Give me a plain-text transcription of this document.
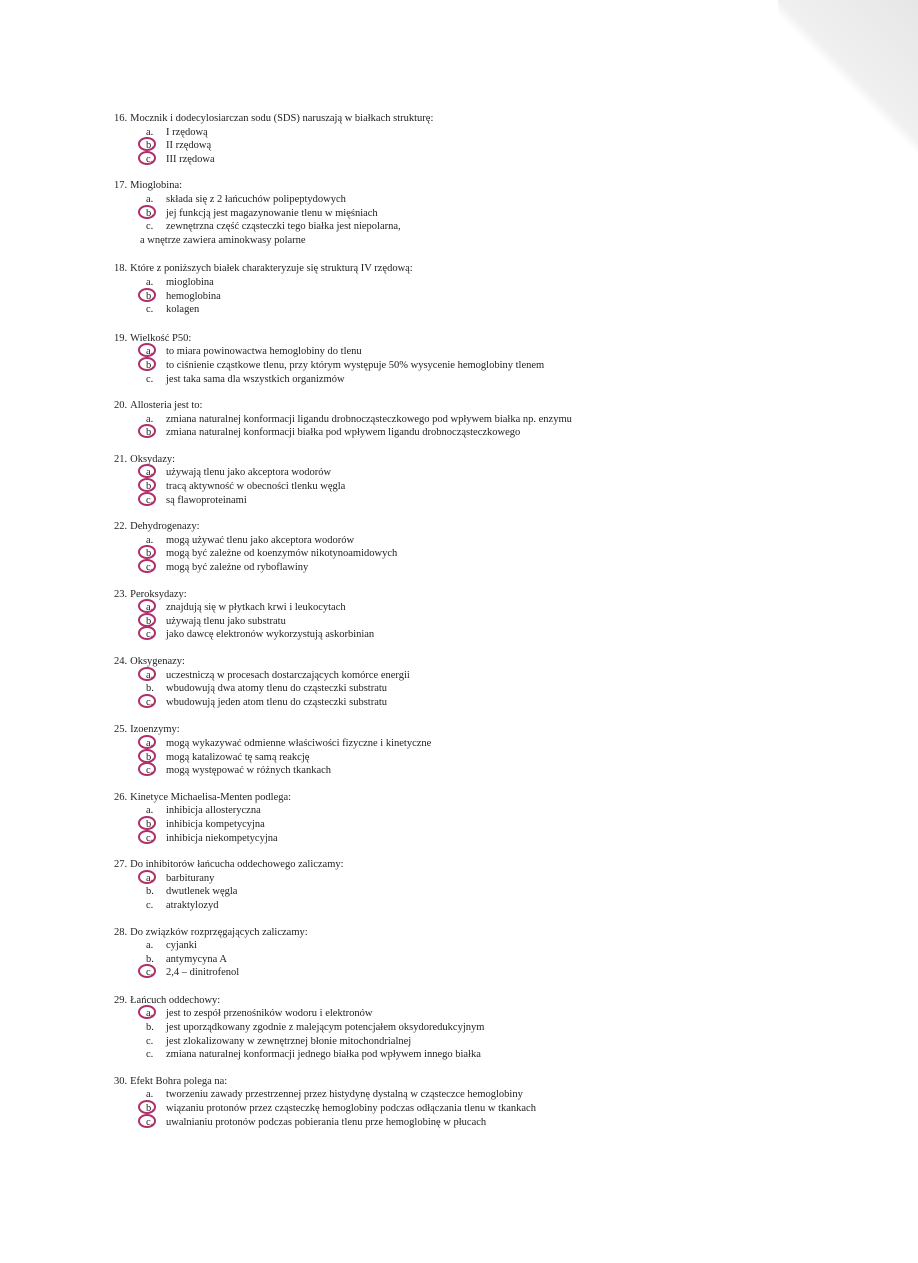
16. Mocznik i dodecylosiarczan sodu (SDS) naruszają w białkach strukturę:
a. I rzędową
b. II rzędową
c. III rzędowa
17. Mioglobina:
a. składa się z 2 łańcuchów polipeptydowych
b. jej funkcją jest magazynowanie tlenu w mięśniach
c. zewnętrzna część cząsteczki tego białka jest niepolarna,
a wnętrze zawiera aminokwasy polarne
18. Które z poniższych białek charakteryzuje się strukturą IV rzędową:
a. mioglobina
b. hemoglobina
c. kolagen
19. Wielkość P50:
a. to miara powinowactwa hemoglobiny do tlenu
b. to ciśnienie cząstkowe tlenu, przy którym występuje 50% wysycenie hemoglobiny tlenem
c. jest taka sama dla wszystkich organizmów
20. Allosteria jest to:
a. zmiana naturalnej konformacji ligandu drobnocząsteczkowego pod wpływem białka np. enzymu
b. zmiana naturalnej konformacji białka pod wpływem ligandu drobnocząsteczkowego
21. Oksydazy:
a. używają tlenu jako akceptora wodorów
b. tracą aktywność w obecności tlenku węgla
c. są flawoproteinami
22. Dehydrogenazy:
a. mogą używać tlenu jako akceptora wodorów
b. mogą być zależne od koenzymów nikotynoamidowych
c. mogą być zależne od ryboflawiny
23. Peroksydazy:
a. znajdują się w płytkach krwi i leukocytach
b. używają tlenu jako substratu
c. jako dawcę elektronów wykorzystują askorbinian
24. Oksygenazy:
a. uczestniczą w procesach dostarczających komórce energii
b. wbudowują dwa atomy tlenu do cząsteczki substratu
c. wbudowują jeden atom tlenu do cząsteczki substratu
25. Izoenzymy:
a. mogą wykazywać odmienne właściwości fizyczne i kinetyczne
b. mogą katalizować tę samą reakcję
c. mogą występować w różnych tkankach
26. Kinetyce Michaelisa-Menten podlega:
a. inhibicja allosteryczna
b. inhibicja kompetycyjna
c. inhibicja niekompetycyjna
27. Do inhibitorów łańcucha oddechowego zaliczamy:
a. barbiturany
b. dwutlenek węgla
c. atraktylozyd
28. Do związków rozprzęgających zaliczamy:
a. cyjanki
b. antymycyna A
c. 2,4 – dinitrofenol
29. Łańcuch oddechowy:
a. jest to zespół przenośników wodoru i elektronów
b. jest uporządkowany zgodnie z malejącym potencjałem oksydoredukcyjnym
c. jest zlokalizowany w zewnętrznej błonie mitochondrialnej
c. zmiana naturalnej konformacji jednego białka pod wpływem innego białka
30. Efekt Bohra polega na:
a. tworzeniu zawady przestrzennej przez histydynę dystalną w cząsteczce hemoglobiny
b. wiązaniu protonów przez cząsteczkę hemoglobiny podczas odłączania tlenu w tkankach
c. uwalnianiu protonów podczas pobierania tlenu prze hemoglobinę w płucach
